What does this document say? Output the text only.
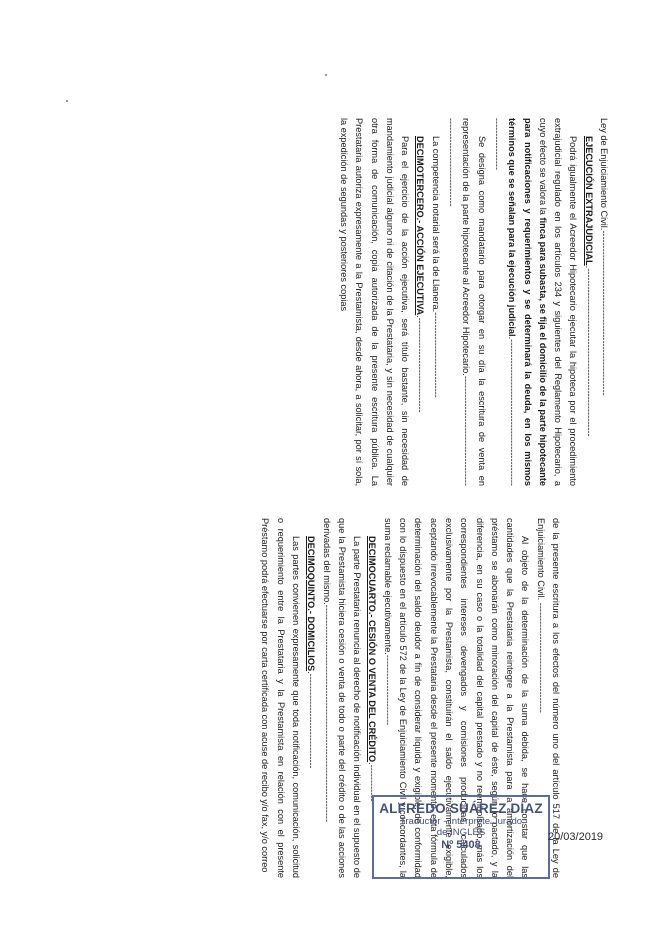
Ley de Enjuiciamiento Civil.------------------------------------------------------

EJECUCIÓN EXTRAJUDICIAL.-------------------------------------------------------

Podrá igualmente el Acreedor Hipotecario ejecutar la hipoteca por el procedimiento extrajudicial regulado en los artículos 234 y siguientes del Reglamento Hipotecario, a cuyo efecto se valora la finca para subasta, se fija el domicilio de la parte hipotecante para notificaciones y requerimientos y se determinará la deuda, en los mismos términos que se señalan para la ejecución judicial.-----------------------------------------------------------------

Se designa como mandatario para otorgar en su día la escritura de venta en representación de la parte hipotecante al Acreedor Hipotecario.-----------------------------------------------------------------

La competencia notarial será la de Llanera.----------------------------

DECIMOTERCERO.- ACCIÓN EJECUTIVA.-------------------------------

Para el ejercicio de la acción ejecutiva, será título bastante, sin necesidad de mandamiento judicial alguno ni de citación de la Prestataria, y sin necesidad de cualquier otra forma de comunicación, copia autorizada de la presente escritura pública. La Prestataria autoriza expresamente a la Prestamista, desde ahora, a solicitar, por sí sola, la expedición de segundas y posteriores copias

de la presente escritura a los efectos del número uno del artículo 517 de la Ley de Enjuiciamiento Civil. ------------------------------------

Al objeto de la determinación de la suma debida, se hace constar que las cantidades que la Prestataria reintegre a la Prestamista para la amortización del préstamo se abonarán como minoración del capital de éste, según lo pactado, y la diferencia, en su caso o la totalidad del capital prestado y no reembolsado, más los correspondientes intereses devengados y comisiones producidas, calculados exclusivamente por la Prestamista, constituirán el saldo ejecutivamente exigible, aceptando irrevocablemente la Prestataria desde el presente momento, esta fórmula de determinación del saldo deudor a fin de considerar líquida y exigible, de conformidad con lo dispuesto en el artículo 572 de la Ley de Enjuiciamiento Civil y concordantes, la suma reclamable ejecutivamente.-----------------------

DECIMOCUARTO.- CESIÓN O VENTA DEL CRÉDITO.------------

La parte Prestataria renuncia al derecho de notificación individual en el supuesto de que la Prestamista hiciera cesión o venta de todo o parte del crédito o de las acciones derivadas del mismo.-----------------------------------------------------------------------

DECIMOQUINTO.- DOMICILIOS.-------------------------------

Las partes convienen expresamente que toda notificación, comunicación, solicitud o requerimiento entre la Prestataria y la Prestamista en relación con el presente Préstamo podrá efectuarse por carta certificada con acuse de recibo y/o fax, y/o correo	ALFREDO SUÁREZ DÍAZ
Traductor - Intérprete Jurado
de INGLÉS
Nº 5408
20/03/2019
